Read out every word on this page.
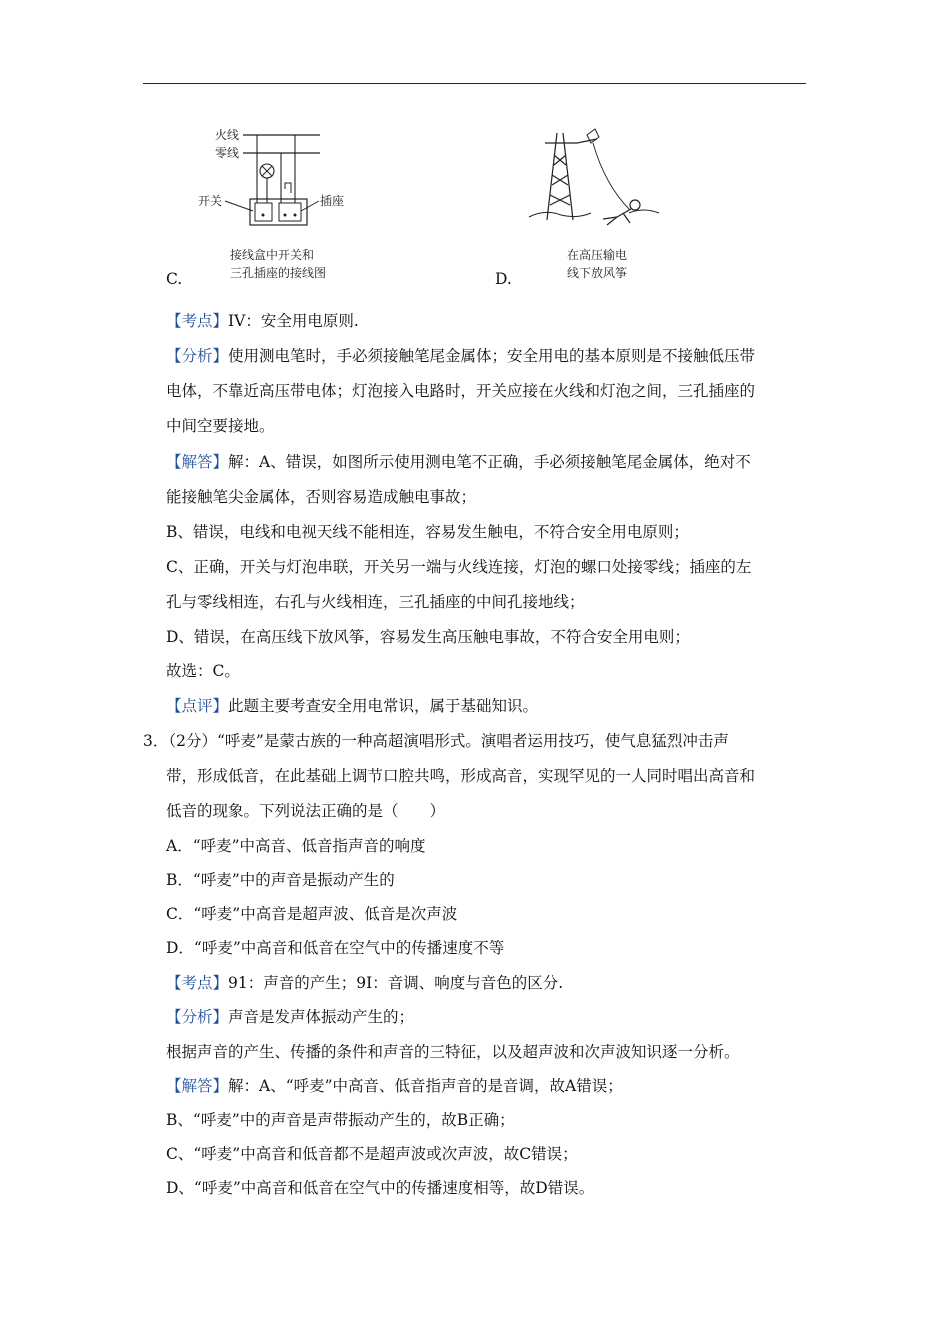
火线
零线
开关	插座
接线盒中开关和
三孔插座的接线图
C.
在高压输电
线下放风筝
D.
【考点】IV：安全用电原则.
【分析】使用测电笔时，手必须接触笔尾金属体；安全用电的基本原则是不接触低压带
电体，不靠近高压带电体；灯泡接入电路时，开关应接在火线和灯泡之间，三孔插座的
中间空要接地。
【解答】解：A、错误，如图所示使用测电笔不正确，手必须接触笔尾金属体，绝对不
能接触笔尖金属体，否则容易造成触电事故；
B、错误，电线和电视天线不能相连，容易发生触电，不符合安全用电原则；
C、正确，开关与灯泡串联，开关另一端与火线连接，灯泡的螺口处接零线；插座的左
孔与零线相连，右孔与火线相连，三孔插座的中间孔接地线；
D、错误，在高压线下放风筝，容易发生高压触电事故，不符合安全用电则；
故选：C。
【点评】此题主要考查安全用电常识，属于基础知识。
3．（2分）“呼麦”是蒙古族的一种高超演唱形式。演唱者运用技巧，使气息猛烈冲击声
带，形成低音，在此基础上调节口腔共鸣，形成高音，实现罕见的一人同时唱出高音和
低音的现象。下列说法正确的是（　　）
A．“呼麦”中高音、低音指声音的响度
B．“呼麦”中的声音是振动产生的
C．“呼麦”中高音是超声波、低音是次声波
D．“呼麦”中高音和低音在空气中的传播速度不等
【考点】91：声音的产生；9I：音调、响度与音色的区分.
【分析】声音是发声体振动产生的；
根据声音的产生、传播的条件和声音的三特征，以及超声波和次声波知识逐一分析。
【解答】解：A、“呼麦”中高音、低音指声音的是音调，故A错误；
B、“呼麦”中的声音是声带振动产生的，故B正确；
C、“呼麦”中高音和低音都不是超声波或次声波，故C错误；
D、“呼麦”中高音和低音在空气中的传播速度相等，故D错误。
